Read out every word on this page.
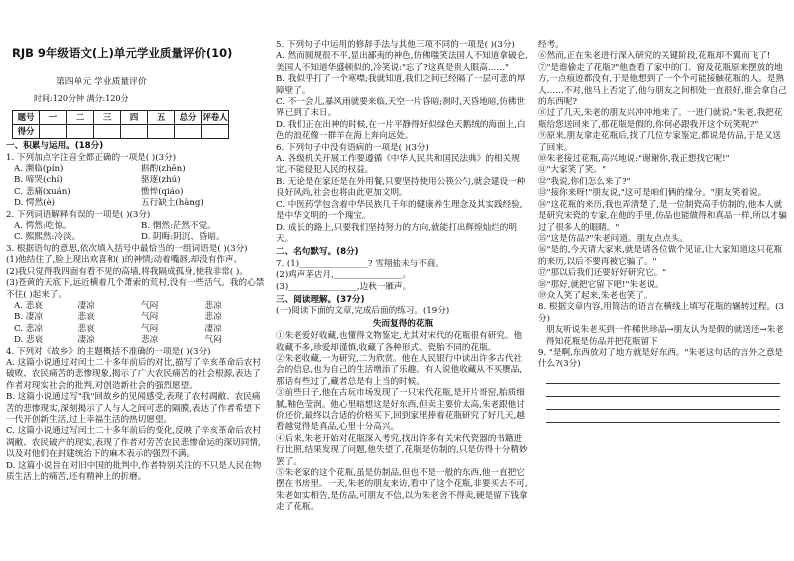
RJB 9年级语文(上)单元学业质量评价(10)
第四单元 学业质量评价
时间:120分钟 满分:120分
题号	一	二	三	四	五	总分	评卷人
得分							
一、积累与运用。(18分)
1. 下列加点字注音全都正确的一项是( )(3分)
A. 濒临(pín)	斟酌(zhēn)
B. 啼哭(chí)	驱逐(zhú)
C. 悲痛(xuán)	憔悴(qiáo)
D. 愕然(è)	五行缺土(hàng)
2. 下列词语解释有误的一项是( )(3分)
A. 愕然:吃惊。	B. 惘然:茫然不觉。
C. 熙熙然:冷淡。	D. 阴晦:阴沉、昏暗。
3. 根据语句的意思,依次填入括号中最恰当的一组词语是( )(3分)
(1)他结住了,脸上现出欢喜和( )的神情;动着嘴唇,却没有作声。
(2)我只觉得我四面有看不见的高墙,将我隔成孤身,使我非常( )。
(3)苍黄的天底下,远近横着几个萧索的荒村,没有一些活气。我的心禁不住( )起来了。
A. 悲哀	凄凉	气闷	悲凉
B. 凄凉	悲哀	气闷	悲凉
C. 悲凉	悲哀	气闷	凄凉
D. 悲哀	凄凉	悲凉	气闷
4. 下列对《故乡》的主题概括不准确的一项是( )(3分)
A. 这篇小说通过对闰土二十多年前后的对比,描写了辛亥革命后农村破败、农民痛苦的悲惨现象,揭示了广大农民痛苦的社会根源,表达了作者对现实社会的批判,对创造新社会的强烈愿望。
B. 这篇小说通过写"我"回故乡的见闻感受,表现了农村凋敝、农民痛苦的悲惨现实,深刻揭示了人与人之间可悲的隔膜,表达了作者希望下一代开创新生活,过上幸福生活的热切愿望。
C. 这篇小说通过写闰土二十多年前后的变化,反映了辛亥革命后农村凋敝、农民破产的现实,表现了作者对劳苦农民悲惨命运的深切同情,以及对他们在封建统治下的麻木表示的强烈不满。
D. 这篇小说旨在对旧中国的批判中,作者特别关注的不只是人民在物质生活上的痛苦,还有精神上的折磨。
5. 下列句子中运用的修辞手法与其他三项不同的一项是( )(3分)
A. 然而圆规很不平,显出鄙夷的神色,仿佛嗤笑法国人不知道拿破仑,美国人不知道华盛顿似的,冷笑说:"忘了?这真是贵人眼高……"
B. 我似乎打了一个寒噤;我就知道,我们之间已经隔了一层可悲的厚障壁了。
C. 不一会儿,暴风雨就要来临,天空一片昏暗;刹时,天昏地暗,仿佛世界已到了末日。
D. 我们正在出神的时候,在一片平静得好似绿色天鹅绒的海面上,白色的浪花像一群羊在海上奔向远处。
6. 下列句子中没有语病的一项是( )(3分)
A. 各级机关开展工作要遵循《中华人民共和国民法典》的相关规定,不能侵犯人民的权益。
B. 无论是在家还是在外用餐,只要坚持使用公筷公勺,就会建设一种良好风尚,社会也将由此更加文明。
C. 中医药学包含着中华民族几千年的健康养生理念及其实践经验,是中华文明的一个瑰宝。
D. 成长的路上,只要我们坚持努力的方向,就能打出辉煌灿烂的明天。
二、名句默写。(8分)
7. (1)________________? 雪翔盐未与不商。
(2)鸡声茅店月,________________。
(3)________________,边秋一雁声。
三、阅读理解。(37分)
(一)阅读下面的文章,完成后面的练习。(19分)
失而复得的花瓶
①朱老爱好收藏,也懂得文物鉴定,尤其对宋代的花瓶很有研究。他收藏不多,珍爱却谨慎,收藏了各种形式、瓷胎不同的花瓶。
②朱老收藏,一为研究,二为欣赏。他在人民银行中读出许多古代社会的信息,也为自己的生活增添了乐趣。有人说他收藏从不买赝品,那话有些过了,藏者总是有上当的时候。
③前些日子,他在古玩市场发现了一只宋代花瓶,是开片哥窑,胎质细腻,釉色莹润。他心里暗想这是好东西,但卖主要价太高,朱老跟他讨价还价,最终以合适的价格买下,回到家里捧着花瓶研究了好几天,越看越觉得是真品,心里十分高兴。
④后来,朱老开始对花瓶深入考究,找出许多有关宋代瓷器的书籍进行比照,结果发现了问题,他失望了,花瓶是仿制的,只是仿得十分精妙罢了。
⑤朱老家的这个花瓶,虽是仿制品,但也不是一般的东西,他一直把它摆在书房里。一天,朱老的朋友来访,看中了这个花瓶,非要买去不可,朱老如实相告,是仿品,可朋友不信,以为朱老舍不得卖,硬是留下钱拿走了花瓶。
经考。
⑥然而,正在朱老进行深入研究的关键阶段,花瓶却不翼而飞了!
⑦"是谁偷走了花瓶?"他查看了家中的门、窗及花瓶原来摆放的地方,一点痕迹都没有,于是他想到了一个个可能接触花瓶的人。是熟人……不对,他马上否定了,他与朋友之间相处一直很好,谁会拿自己的东西呢?
⑧过了几天,朱老的朋友兴冲冲地来了。一进门就说:"朱老,我把花瓶给您送回来了,那花瓶是假的,你何必跟我开这个玩笑呢?"
⑨原来,朋友拿走花瓶后,找了几位专家鉴定,都说是仿品,于是又送了回来。
⑩朱老接过花瓶,高兴地说:"谢谢你,我正想找它呢!"
⑪"大家笑了笑。"
⑫"我说,你们怎么来了?"
⑬"接你来呀!"朋友说,"这可是咱们俩的缘分。"朋友笑着说。
⑭"这花瓶的来历,我也弄清楚了,是一位制瓷高手仿制的,他本人就是研究宋瓷的专家,在他的手里,仿品也能做得和真品一样,所以才骗过了很多人的眼睛。"
⑮"这是仿品?"朱老问道。朋友点点头。
⑯"是的,今天请大家来,就是请各位做个见证,让大家知道这只花瓶的来历,以后不要再被它骗了。"
⑰"那以后我们还要好好研究它。"
⑱"那好,就把它留下吧!"朱老说。
⑲众人笑了起来,朱老也笑了。
8. 根据文章内容,用简洁的语言在横线上填写花瓶的辗转过程。(3分)
朋友听说朱老买到一件稀世珍品→朋友认为是假的就送还→朱老得知花瓶是仿品并把花瓶留下
9. "是啊,东西放对了地方就是好东西。"朱老这句话的言外之意是什么?(3分)
